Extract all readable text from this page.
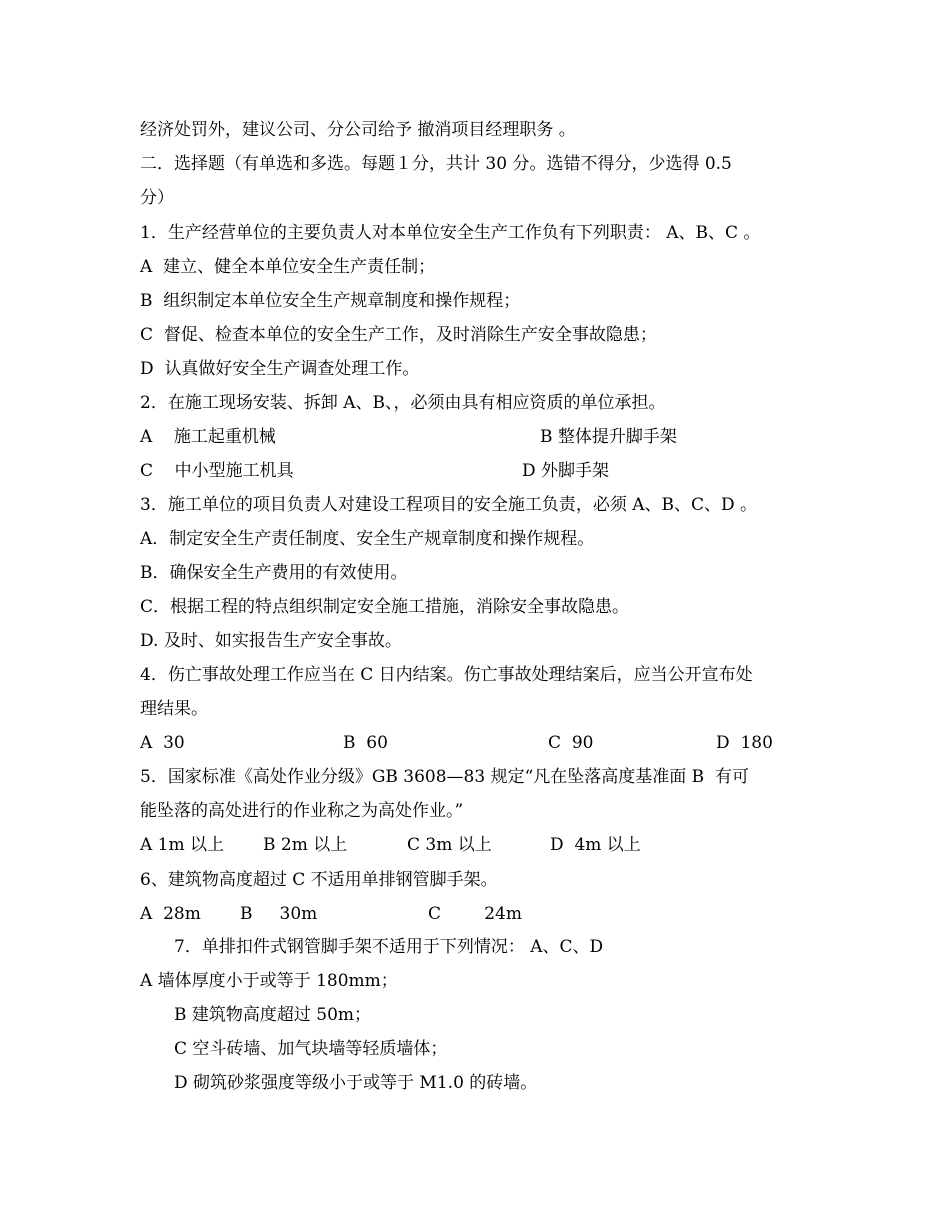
经济处罚外，建议公司、分公司给予 撤消项目经理职务 。
二．选择题（有单选和多选。每题１分，共计 30 分。选错不得分，少选得 0.5
分）
1．生产经营单位的主要负责人对本单位安全生产工作负有下列职责： A、B、C 。
A  建立、健全本单位安全生产责任制；
B  组织制定本单位安全生产规章制度和操作规程；
C  督促、检查本单位的安全生产工作，及时消除生产安全事故隐患；
D  认真做好安全生产调查处理工作。
2．在施工现场安装、拆卸 A、B、，必须由具有相应资质的单位承担。
A    施工起重机械	B 整体提升脚手架
C    中小型施工机具	D 外脚手架
3．施工单位的项目负责人对建设工程项目的安全施工负责，必须 A、B、C、D 。
A．制定安全生产责任制度、安全生产规章制度和操作规程。
B．确保安全生产费用的有效使用。
C．根据工程的特点组织制定安全施工措施，消除安全事故隐患。
D. 及时、如实报告生产安全事故。
4．伤亡事故处理工作应当在 C 日内结案。伤亡事故处理结案后，应当公开宣布处
理结果。
A  30	B  60	C  90	D  180
5．国家标准《高处作业分级》GB 3608—83 规定“凡在坠落高度基准面 B  有可
能坠落的高处进行的作业称之为高处作业。”
A 1m 以上 B 2m 以上	C 3m 以上	D  4m 以上
6、建筑物高度超过 C 不适用单排钢管脚手架。
A  28m B     30m	C        24m
7．单排扣件式钢管脚手架不适用于下列情况： A、C、D
A 墙体厚度小于或等于 180mm；
B 建筑物高度超过 50m；
C 空斗砖墙、加气块墙等轻质墙体；
D 砌筑砂浆强度等级小于或等于 M1.0 的砖墙。
